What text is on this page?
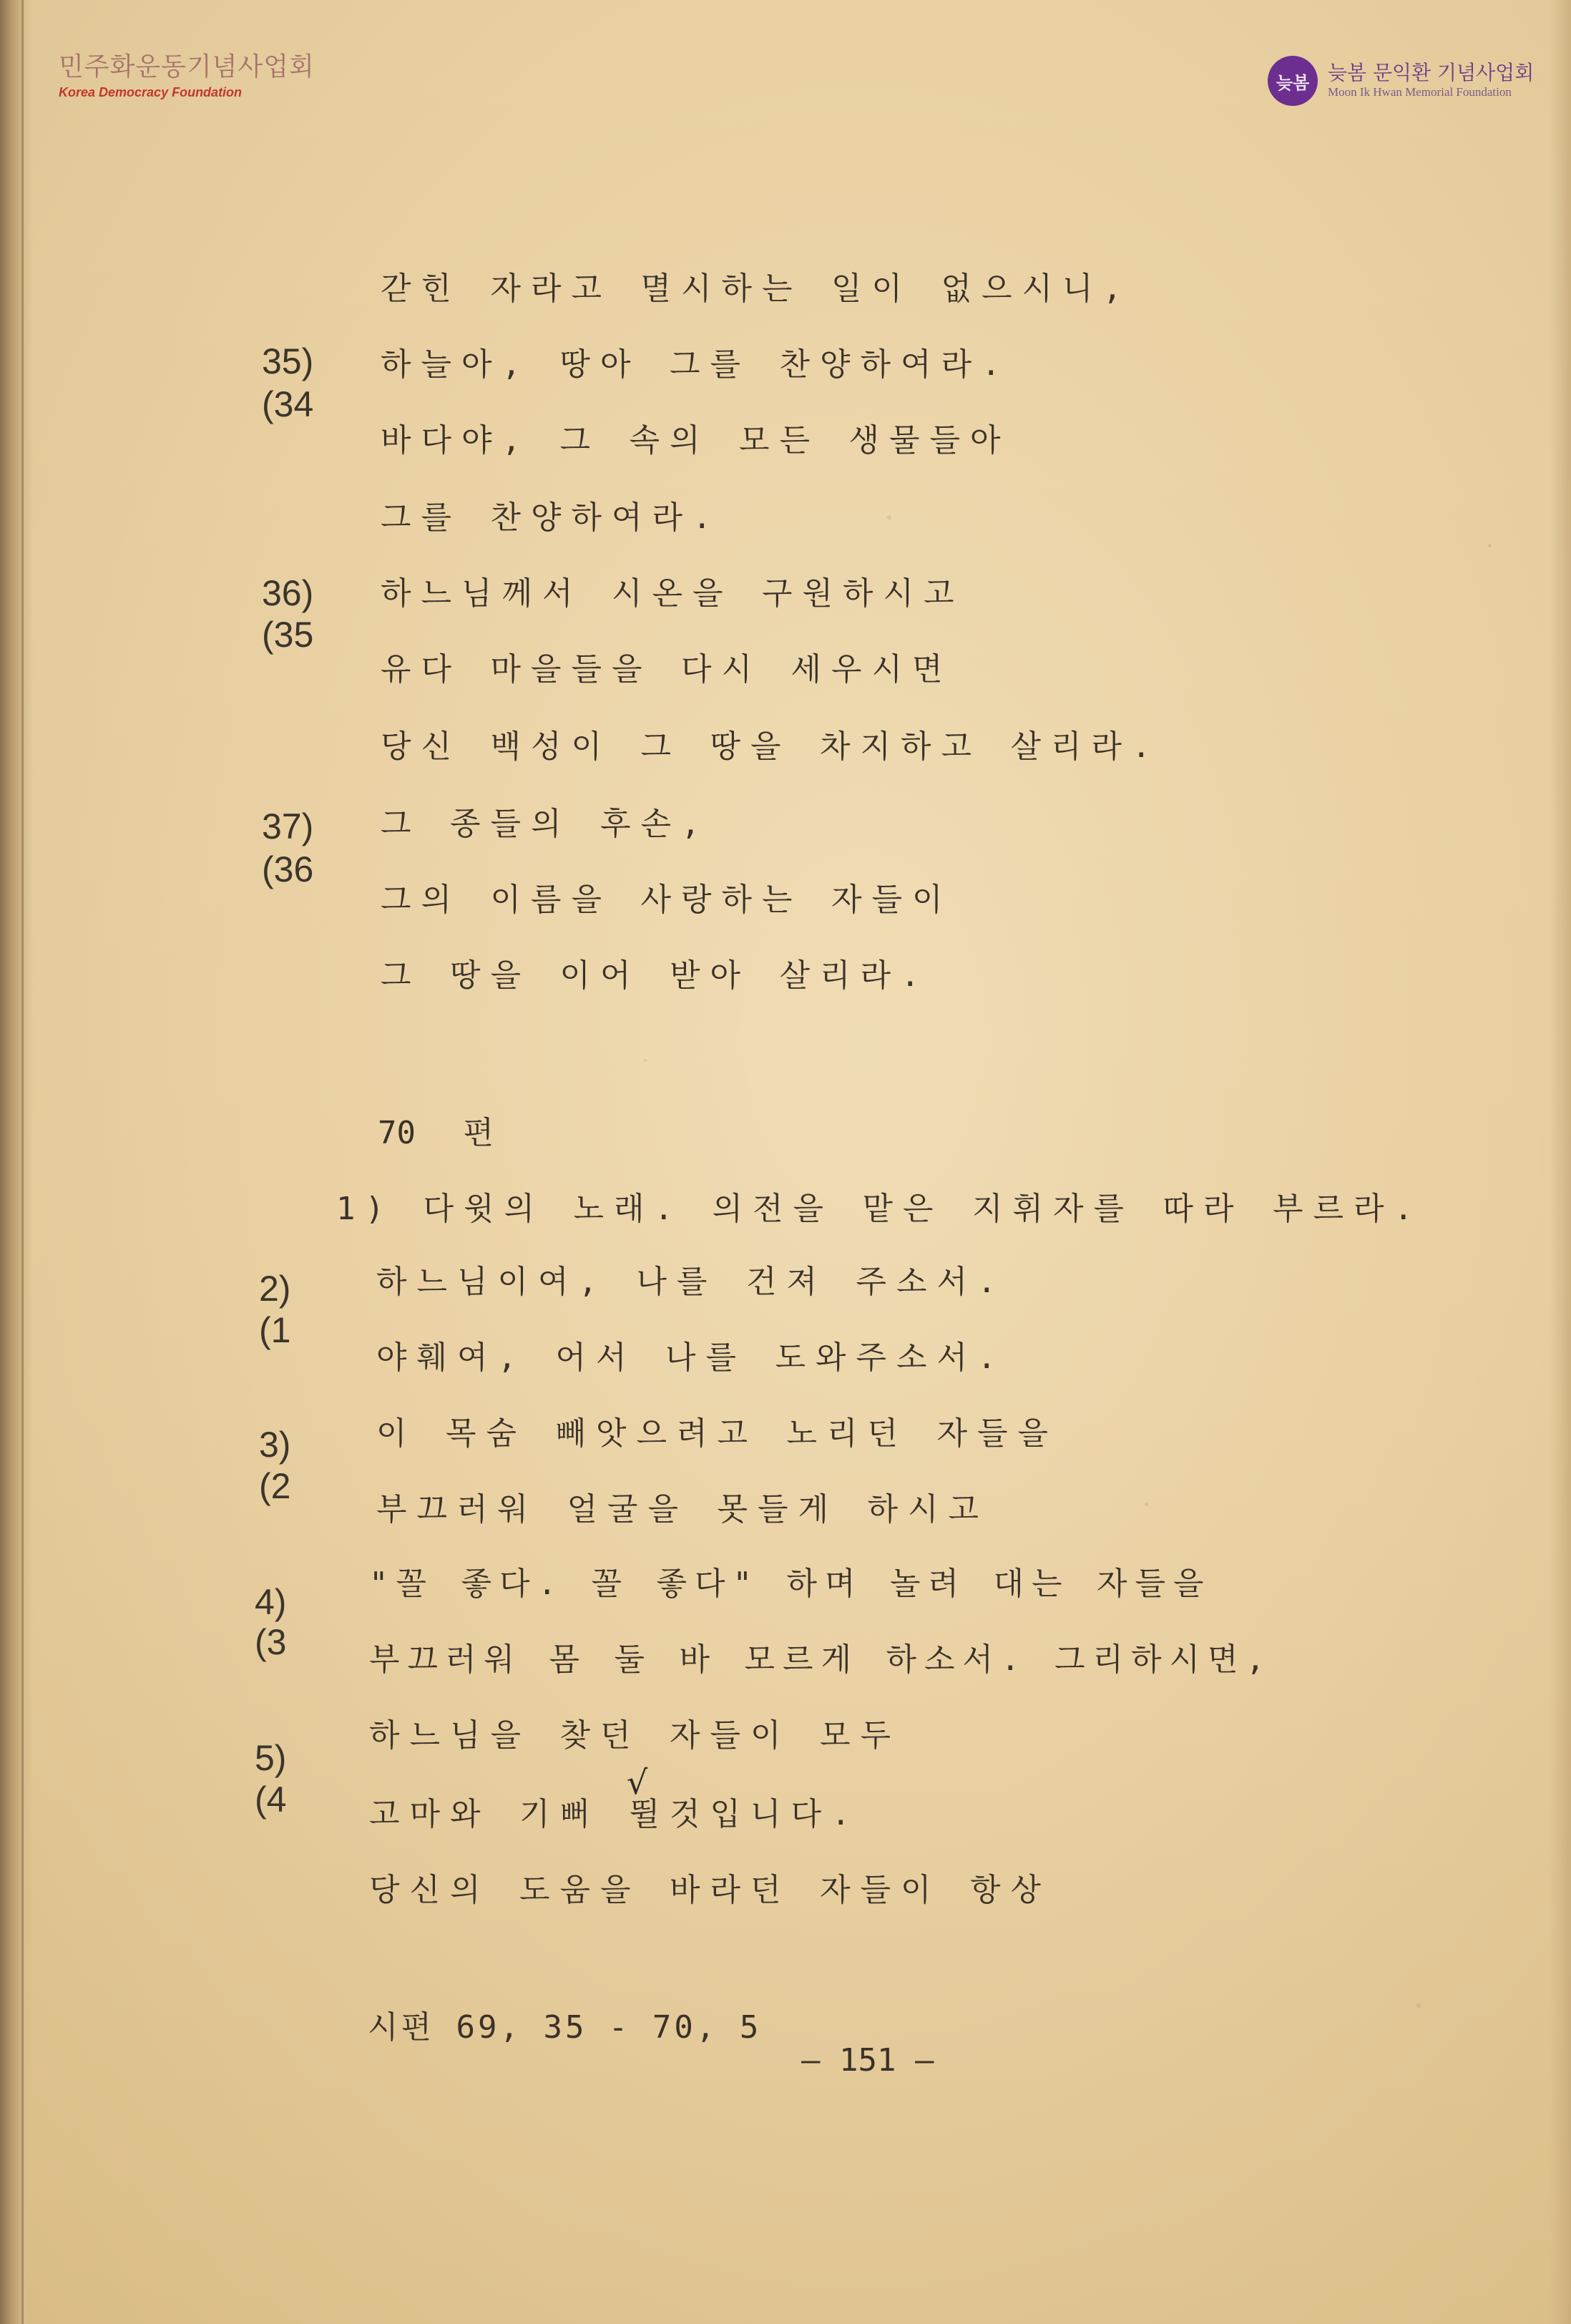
민주화운동기념사업회
Korea Democracy Foundation	늦봄 늦봄 문익환 기념사업회
Moon Ik Hwan Memorial Foundation
갇힌 자라고 멸시하는 일이 없으시니,
35)
(34
하늘아, 땅아 그를 찬양하여라.
바다야, 그 속의 모든 생물들아
그를 찬양하여라.
36)
(35
하느님께서 시온을 구원하시고
유다 마을들을 다시 세우시면
당신 백성이 그 땅을 차지하고 살리라.
37)
(36
그 종들의 후손,
그의 이름을 사랑하는 자들이
그 땅을 이어 받아 살리라.
70 편
1) 다윗의 노래. 의전을 맡은 지휘자를 따라 부르라.
2)
(1
하느님이여, 나를 건져 주소서.
야훼여, 어서 나를 도와주소서.
3)
(2
이 목숨 빼앗으려고 노리던 자들을
부끄러워 얼굴을 못들게 하시고
4)
(3
"꼴 좋다. 꼴 좋다" 하며 놀려 대는 자들을
부끄러워 몸 둘 바 모르게 하소서. 그리하시면,
5)
(4
하느님을 찾던 자들이 모두
고마와 기뻐 뛸것입니다.
√
당신의 도움을 바라던 자들이 항상
시편 69, 35 - 70, 5
— 151 —
